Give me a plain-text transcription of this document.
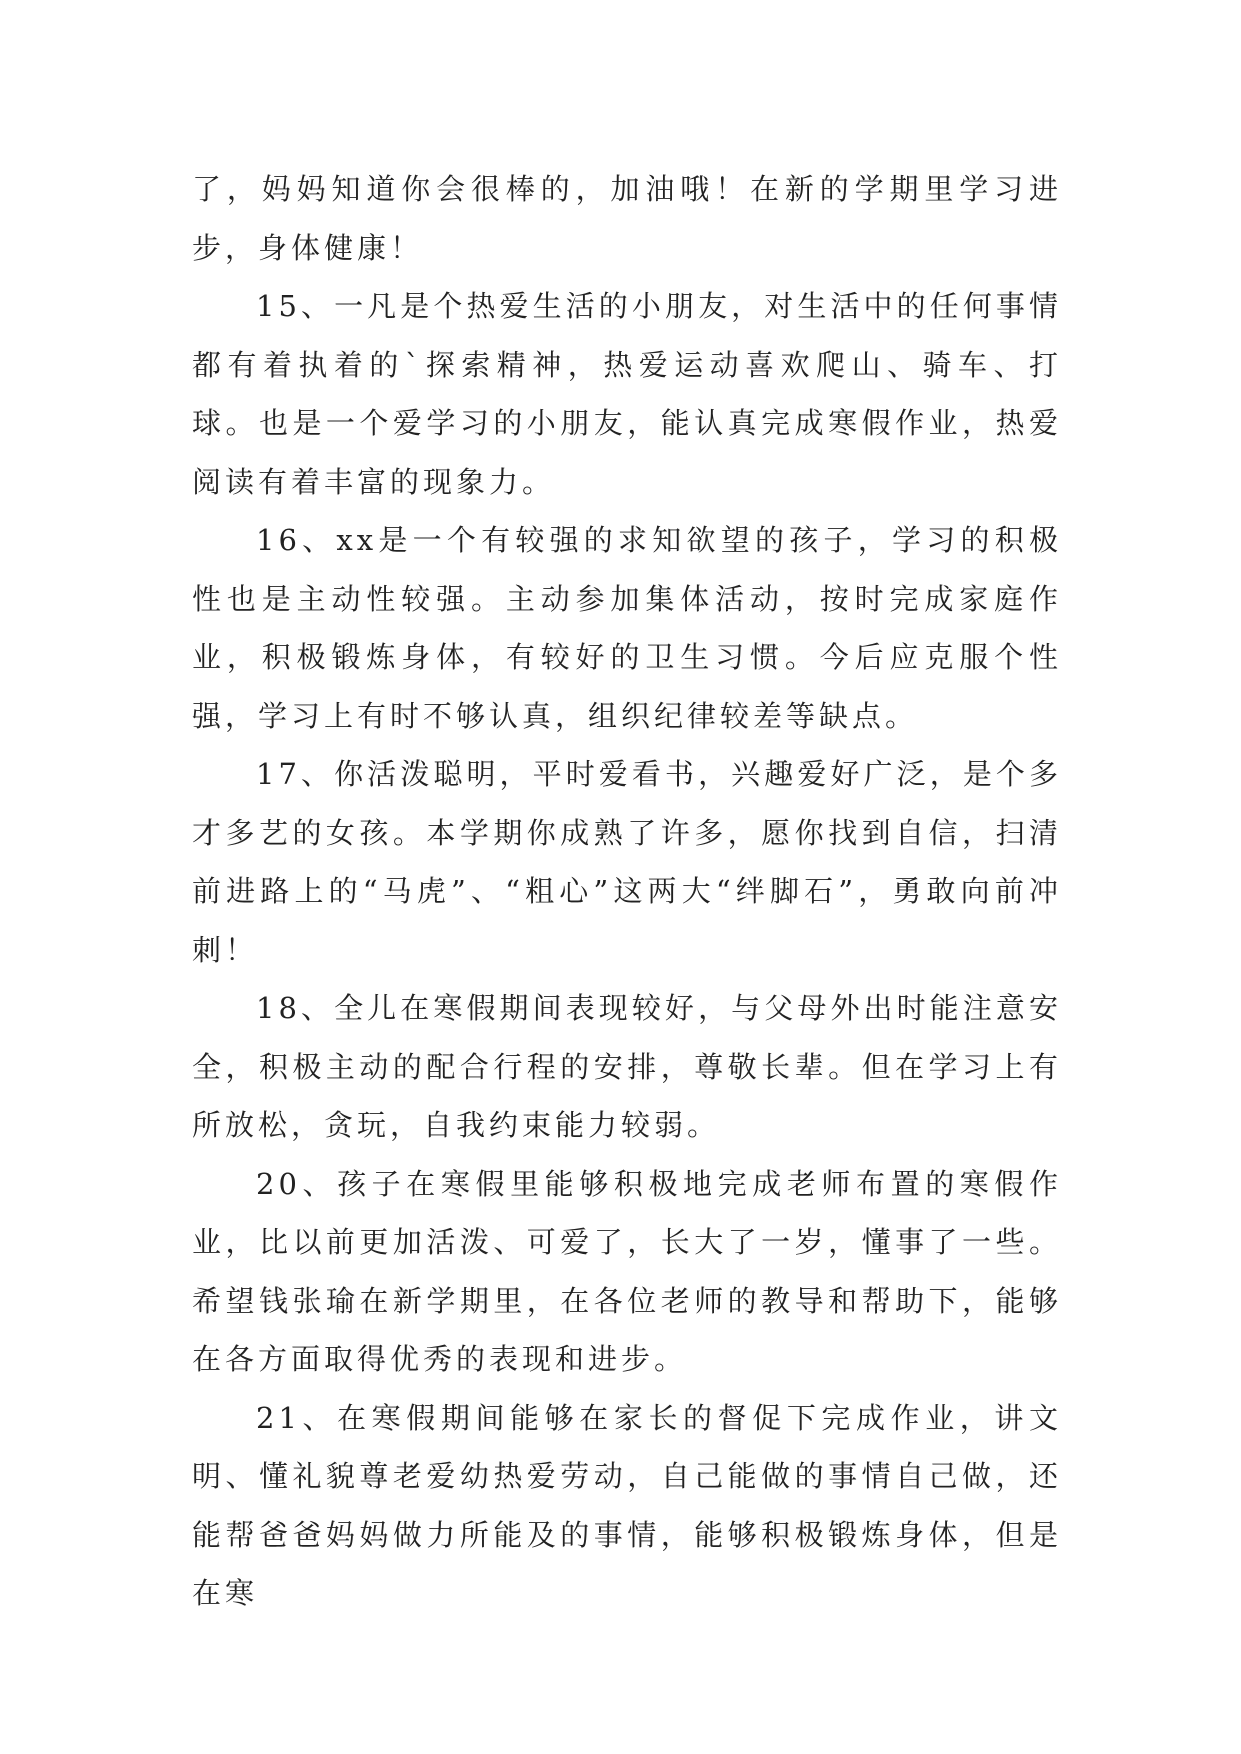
了，妈妈知道你会很棒的，加油哦！在新的学期里学习进步，身体健康！

15、一凡是个热爱生活的小朋友，对生活中的任何事情都有着执着的`探索精神，热爱运动喜欢爬山、骑车、打球。也是一个爱学习的小朋友，能认真完成寒假作业，热爱阅读有着丰富的现象力。

16、xx是一个有较强的求知欲望的孩子，学习的积极性也是主动性较强。主动参加集体活动，按时完成家庭作业，积极锻炼身体，有较好的卫生习惯。今后应克服个性强，学习上有时不够认真，组织纪律较差等缺点。

17、你活泼聪明，平时爱看书，兴趣爱好广泛，是个多才多艺的女孩。本学期你成熟了许多，愿你找到自信，扫清前进路上的“马虎”、“粗心”这两大“绊脚石”，勇敢向前冲刺！

18、全儿在寒假期间表现较好，与父母外出时能注意安全，积极主动的配合行程的安排，尊敬长辈。但在学习上有所放松，贪玩，自我约束能力较弱。

20、孩子在寒假里能够积极地完成老师布置的寒假作业，比以前更加活泼、可爱了，长大了一岁，懂事了一些。希望钱张瑜在新学期里，在各位老师的教导和帮助下，能够在各方面取得优秀的表现和进步。

21、在寒假期间能够在家长的督促下完成作业，讲文明、懂礼貌尊老爱幼热爱劳动，自己能做的事情自己做，还能帮爸爸妈妈做力所能及的事情，能够积极锻炼身体，但是在寒
